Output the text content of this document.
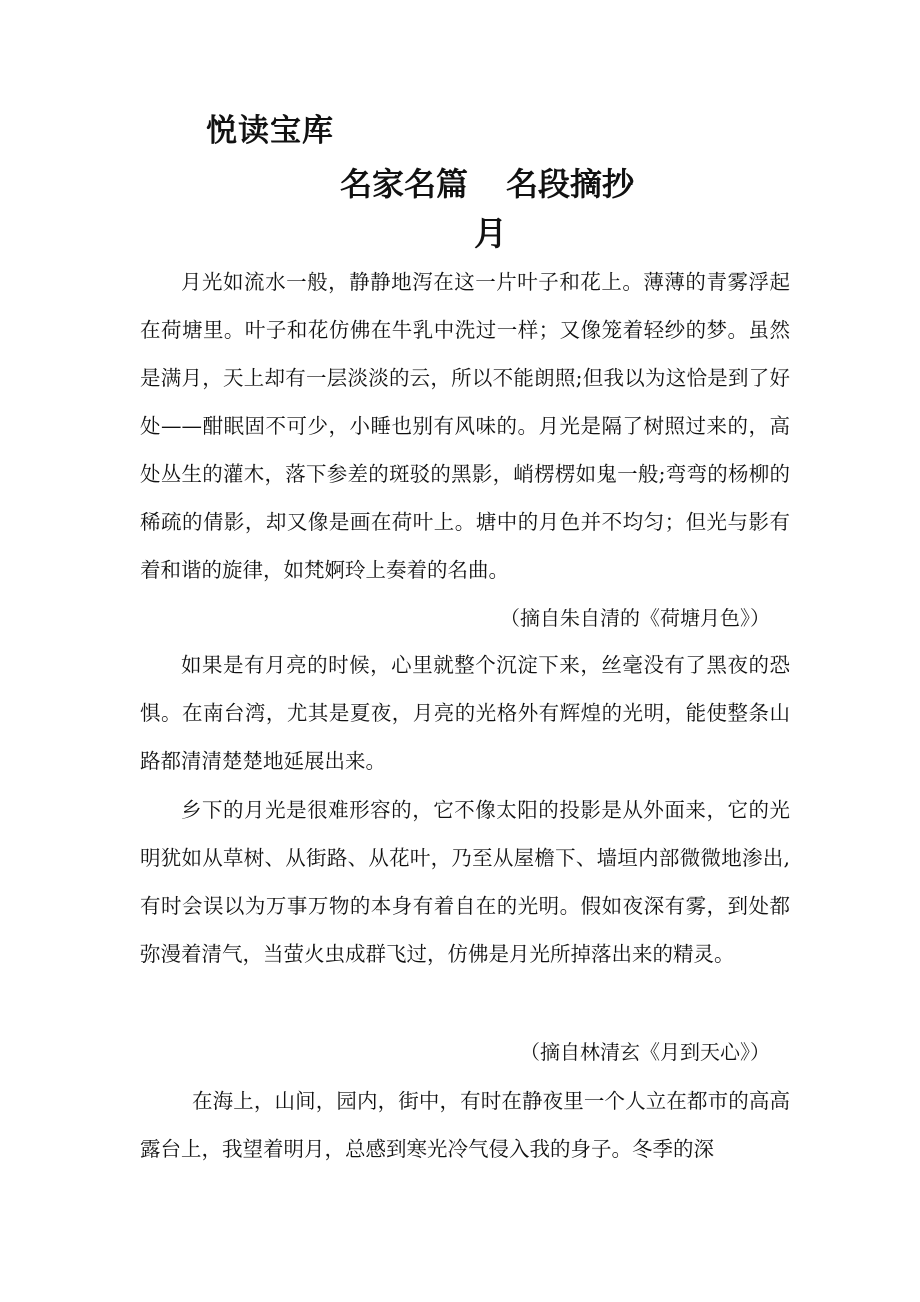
悦读宝库
名家名篇 名段摘抄
月

月光如流水一般，静静地泻在这一片叶子和花上。薄薄的青雾浮起在荷塘里。叶子和花仿佛在牛乳中洗过一样；又像笼着轻纱的梦。虽然是满月，天上却有一层淡淡的云，所以不能朗照;但我以为这恰是到了好处——酣眠固不可少，小睡也别有风味的。月光是隔了树照过来的，高处丛生的灌木，落下参差的斑驳的黑影，峭楞楞如鬼一般;弯弯的杨柳的稀疏的倩影，却又像是画在荷叶上。塘中的月色并不均匀；但光与影有着和谐的旋律，如梵婀玲上奏着的名曲。

（摘自朱自清的《荷塘月色》）

如果是有月亮的时候，心里就整个沉淀下来，丝毫没有了黑夜的恐惧。在南台湾，尤其是夏夜，月亮的光格外有辉煌的光明，能使整条山路都清清楚楚地延展出来。

乡下的月光是很难形容的，它不像太阳的投影是从外面来，它的光明犹如从草树、从街路、从花叶，乃至从屋檐下、墙垣内部微微地渗出,有时会误以为万事万物的本身有着自在的光明。假如夜深有雾，到处都弥漫着清气，当萤火虫成群飞过，仿佛是月光所掉落出来的精灵。

（摘自林清玄《月到天心》）

在海上，山间，园内，街中，有时在静夜里一个人立在都市的高高露台上，我望着明月，总感到寒光冷气侵入我的身子。冬季的深
